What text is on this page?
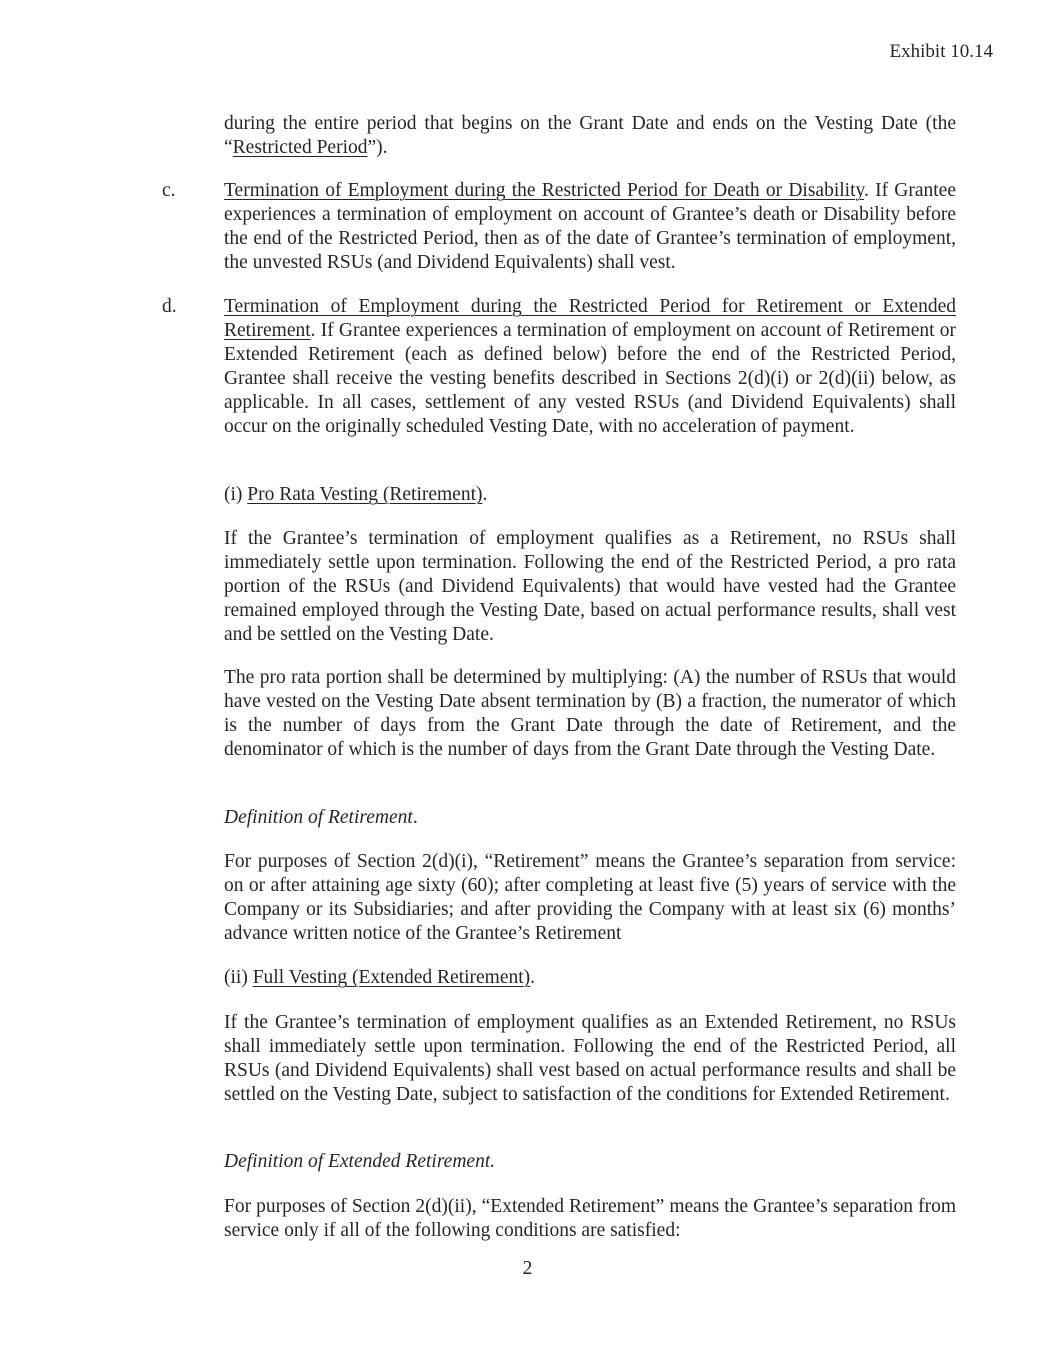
Exhibit 10.14

during the entire period that begins on the Grant Date and ends on the Vesting Date (the “Restricted Period”).

c. Termination of Employment during the Restricted Period for Death or Disability. If Grantee experiences a termination of employment on account of Grantee’s death or Disability before the end of the Restricted Period, then as of the date of Grantee’s termination of employment, the unvested RSUs (and Dividend Equivalents) shall vest.

d. Termination of Employment during the Restricted Period for Retirement or Extended Retirement. If Grantee experiences a termination of employment on account of Retirement or Extended Retirement (each as defined below) before the end of the Restricted Period, Grantee shall receive the vesting benefits described in Sections 2(d)(i) or 2(d)(ii) below, as applicable. In all cases, settlement of any vested RSUs (and Dividend Equivalents) shall occur on the originally scheduled Vesting Date, with no acceleration of payment.

(i) Pro Rata Vesting (Retirement).

If the Grantee’s termination of employment qualifies as a Retirement, no RSUs shall immediately settle upon termination. Following the end of the Restricted Period, a pro rata portion of the RSUs (and Dividend Equivalents) that would have vested had the Grantee remained employed through the Vesting Date, based on actual performance results, shall vest and be settled on the Vesting Date.

The pro rata portion shall be determined by multiplying: (A) the number of RSUs that would have vested on the Vesting Date absent termination by (B) a fraction, the numerator of which is the number of days from the Grant Date through the date of Retirement, and the denominator of which is the number of days from the Grant Date through the Vesting Date.

Definition of Retirement.

For purposes of Section 2(d)(i), “Retirement” means the Grantee’s separation from service: on or after attaining age sixty (60); after completing at least five (5) years of service with the Company or its Subsidiaries; and after providing the Company with at least six (6) months’ advance written notice of the Grantee’s Retirement

(ii) Full Vesting (Extended Retirement).

If the Grantee’s termination of employment qualifies as an Extended Retirement, no RSUs shall immediately settle upon termination. Following the end of the Restricted Period, all RSUs (and Dividend Equivalents) shall vest based on actual performance results and shall be settled on the Vesting Date, subject to satisfaction of the conditions for Extended Retirement.

Definition of Extended Retirement.

For purposes of Section 2(d)(ii), “Extended Retirement” means the Grantee’s separation from service only if all of the following conditions are satisfied:

2
